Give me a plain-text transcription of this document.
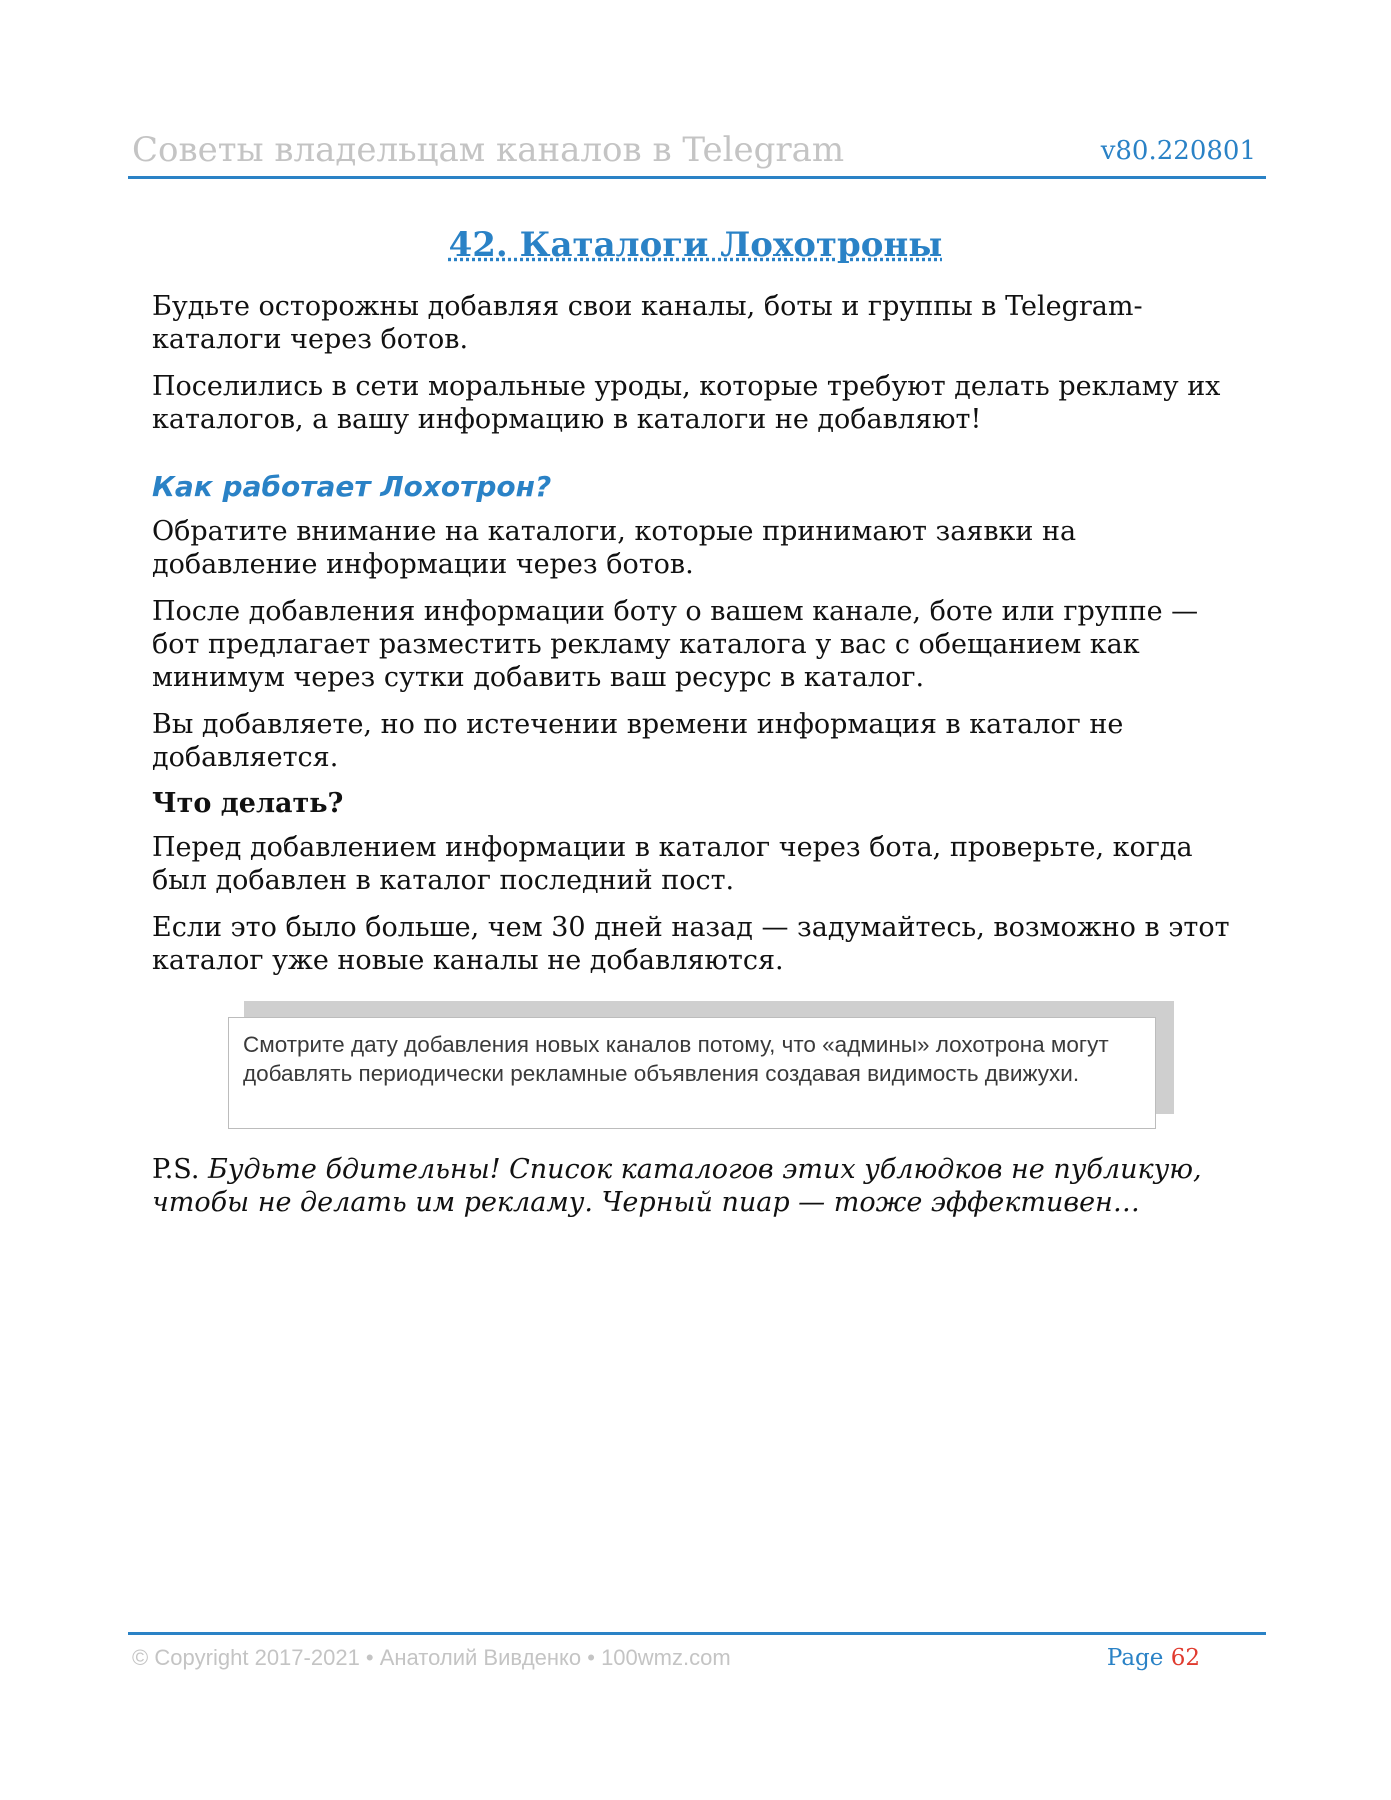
Советы владельцам каналов в Telegram	v80.220801
42. Каталоги Лохотроны

Будьте осторожны добавляя свои каналы, боты и группы в Telegram-каталоги через ботов.

Поселились в сети моральные уроды, которые требуют делать рекламу их каталогов, а вашу информацию в каталоги не добавляют!

Как работает Лохотрон?

Обратите внимание на каталоги, которые принимают заявки на добавление информации через ботов.

После добавления информации боту о вашем канале, боте или группе — бот предлагает разместить рекламу каталога у вас с обещанием как минимум через сутки добавить ваш ресурс в каталог.

Вы добавляете, но по истечении времени информация в каталог не добавляется.

Что делать?

Перед добавлением информации в каталог через бота, проверьте, когда был добавлен в каталог последний пост.

Если это было больше, чем 30 дней назад — задумайтесь, возможно в этот каталог уже новые каналы не добавляются.

Смотрите дату добавления новых каналов потому, что «админы» лохотрона могут добавлять периодически рекламные объявления создавая видимость движухи.

P.S. Будьте бдительны! Список каталогов этих ублюдков не публикую, чтобы не делать им рекламу. Черный пиар — тоже эффективен…

© Copyright 2017-2021 • Анатолий Вивденко • 100wmz.com	Page 62
